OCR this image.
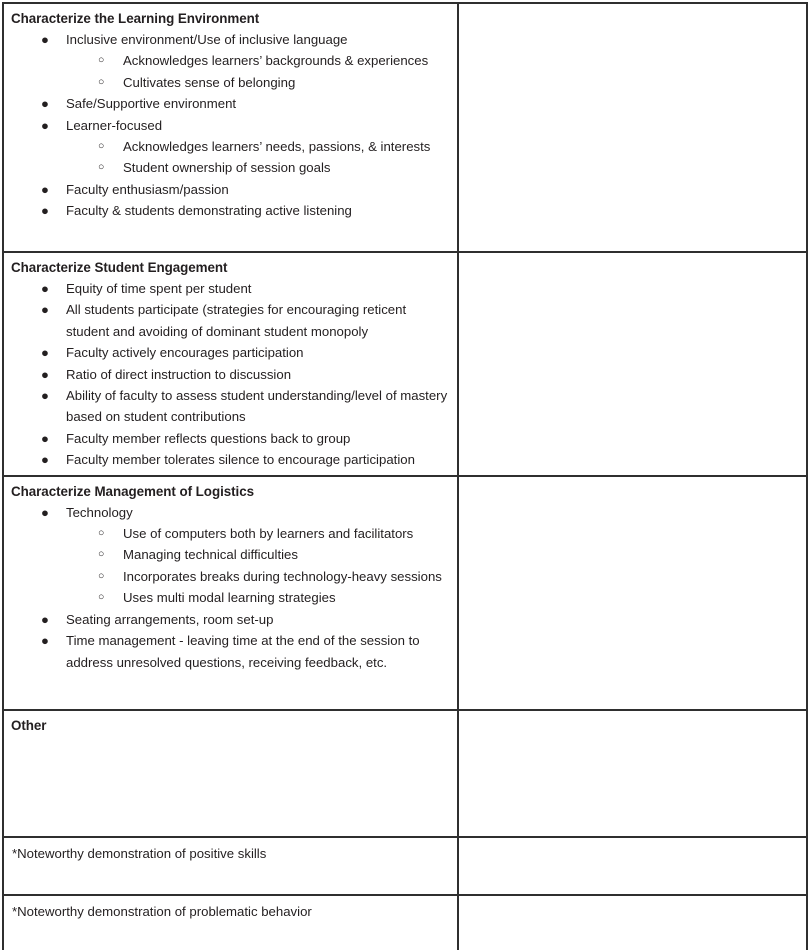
Characterize the Learning Environment
● Inclusive environment/Use of inclusive language
○ Acknowledges learners’ backgrounds & experiences
○ Cultivates sense of belonging
● Safe/Supportive environment
● Learner-focused
○ Acknowledges learners’ needs, passions, & interests
○ Student ownership of session goals
● Faculty enthusiasm/passion
● Faculty & students demonstrating active listening

Characterize Student Engagement
● Equity of time spent per student
● All students participate (strategies for encouraging reticent student and avoiding of dominant student monopoly
● Faculty actively encourages participation
● Ratio of direct instruction to discussion
● Ability of faculty to assess student understanding/level of mastery based on student contributions
● Faculty member reflects questions back to group
● Faculty member tolerates silence to encourage participation

Characterize Management of Logistics
● Technology
○ Use of computers both by learners and facilitators
○ Managing technical difficulties
○ Incorporates breaks during technology-heavy sessions
○ Uses multi modal learning strategies
● Seating arrangements, room set-up
● Time management - leaving time at the end of the session to address unresolved questions, receiving feedback, etc.

Other	

*Noteworthy demonstration of positive skills	

*Noteworthy demonstration of problematic behavior	
